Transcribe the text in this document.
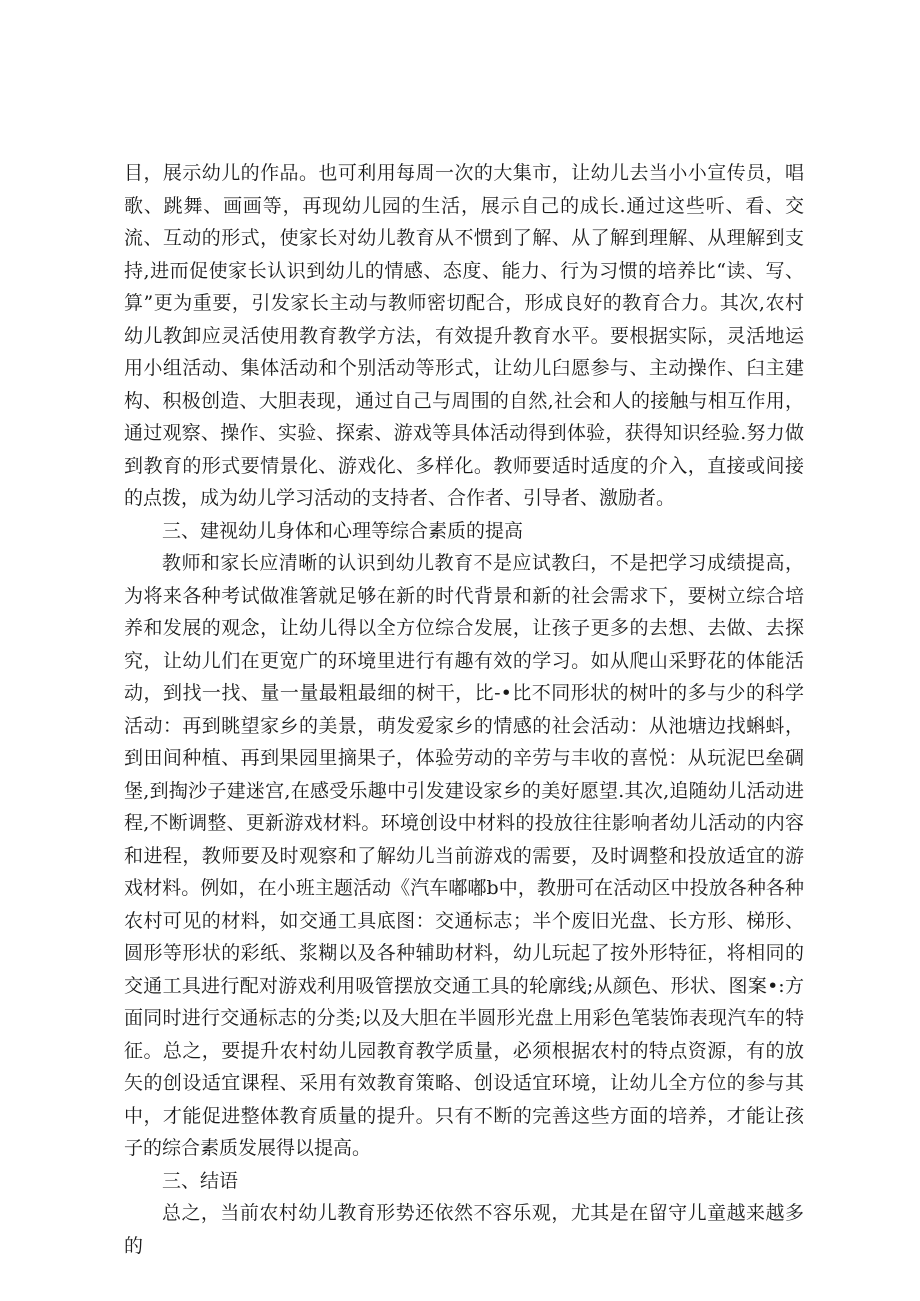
目，展示幼儿的作品。也可利用每周一次的大集市，让幼儿去当小小宣传员，唱歌、跳舞、画画等，再现幼儿园的生活，展示自己的成长.通过这些听、看、交流、互动的形式，使家长对幼儿教育从不惯到了解、从了解到理解、从理解到支持,进而促使家长认识到幼儿的情感、态度、能力、行为习惯的培养比“读、写、算”更为重要，引发家长主动与教师密切配合，形成良好的教育合力。其次,农村幼儿教卸应灵活使用教育教学方法，有效提升教育水平。要根据实际，灵活地运用小组活动、集体活动和个别活动等形式，让幼儿臼愿参与、主动操作、臼主建构、积极创造、大胆表现，通过自己与周围的自然,社会和人的接触与相互作用，通过观察、操作、实验、探索、游戏等具体活动得到体验，获得知识经验.努力做到教育的形式要情景化、游戏化、多样化。教师要适时适度的介入，直接或间接的点拨，成为幼儿学习活动的支持者、合作者、引导者、激励者。

三、建视幼儿身体和心理等综合素质的提高

教师和家长应清晰的认识到幼儿教育不是应试教臼，不是把学习成绩提高，为将来各种考试做准箸就足够在新的时代背景和新的社会需求下，要树立综合培养和发展的观念，让幼儿得以全方位综合发展，让孩子更多的去想、去做、去探究，让幼儿们在更宽广的环境里进行有趣有效的学习。如从爬山采野花的体能活动，到找一找、量一量最粗最细的树干，比-•比不同形状的树叶的多与少的科学活动：再到眺望家乡的美景，萌发爱家乡的情感的社会活动：从池塘边找蝌蚪，到田间种植、再到果园里摘果子，体验劳动的辛劳与丰收的喜悦：从玩泥巴垒碉堡,到掏沙子建迷宫,在感受乐趣中引发建设家乡的美好愿望.其次,追随幼儿活动进程,不断调整、更新游戏材料。环境创设中材料的投放往往影响者幼儿活动的内容和进程，教师要及时观察和了解幼儿当前游戏的需要，及时调整和投放适宜的游戏材料。例如，在小班主题活动《汽车嘟嘟b中，教册可在活动区中投放各种各种农村可见的材料，如交通工具底图：交通标志；半个废旧光盘、长方形、梯形、圆形等形状的彩纸、浆糊以及各种辅助材料，幼儿玩起了按外形特征，将相同的交通工具进行配对游戏利用吸管摆放交通工具的轮廓线;从颜色、形状、图案•:方面同时进行交通标志的分类;以及大胆在半圆形光盘上用彩色笔装饰表现汽车的特征。总之，要提升农村幼儿园教育教学质量，必须根据农村的特点资源，有的放矢的创设适宜课程、采用有效教育策略、创设适宜环境，让幼儿全方位的参与其中，才能促进整体教育质量的提升。只有不断的完善这些方面的培养，才能让孩子的综合素质发展得以提高。

三、结语

总之，当前农村幼儿教育形势还依然不容乐观，尤其是在留守儿童越来越多的
